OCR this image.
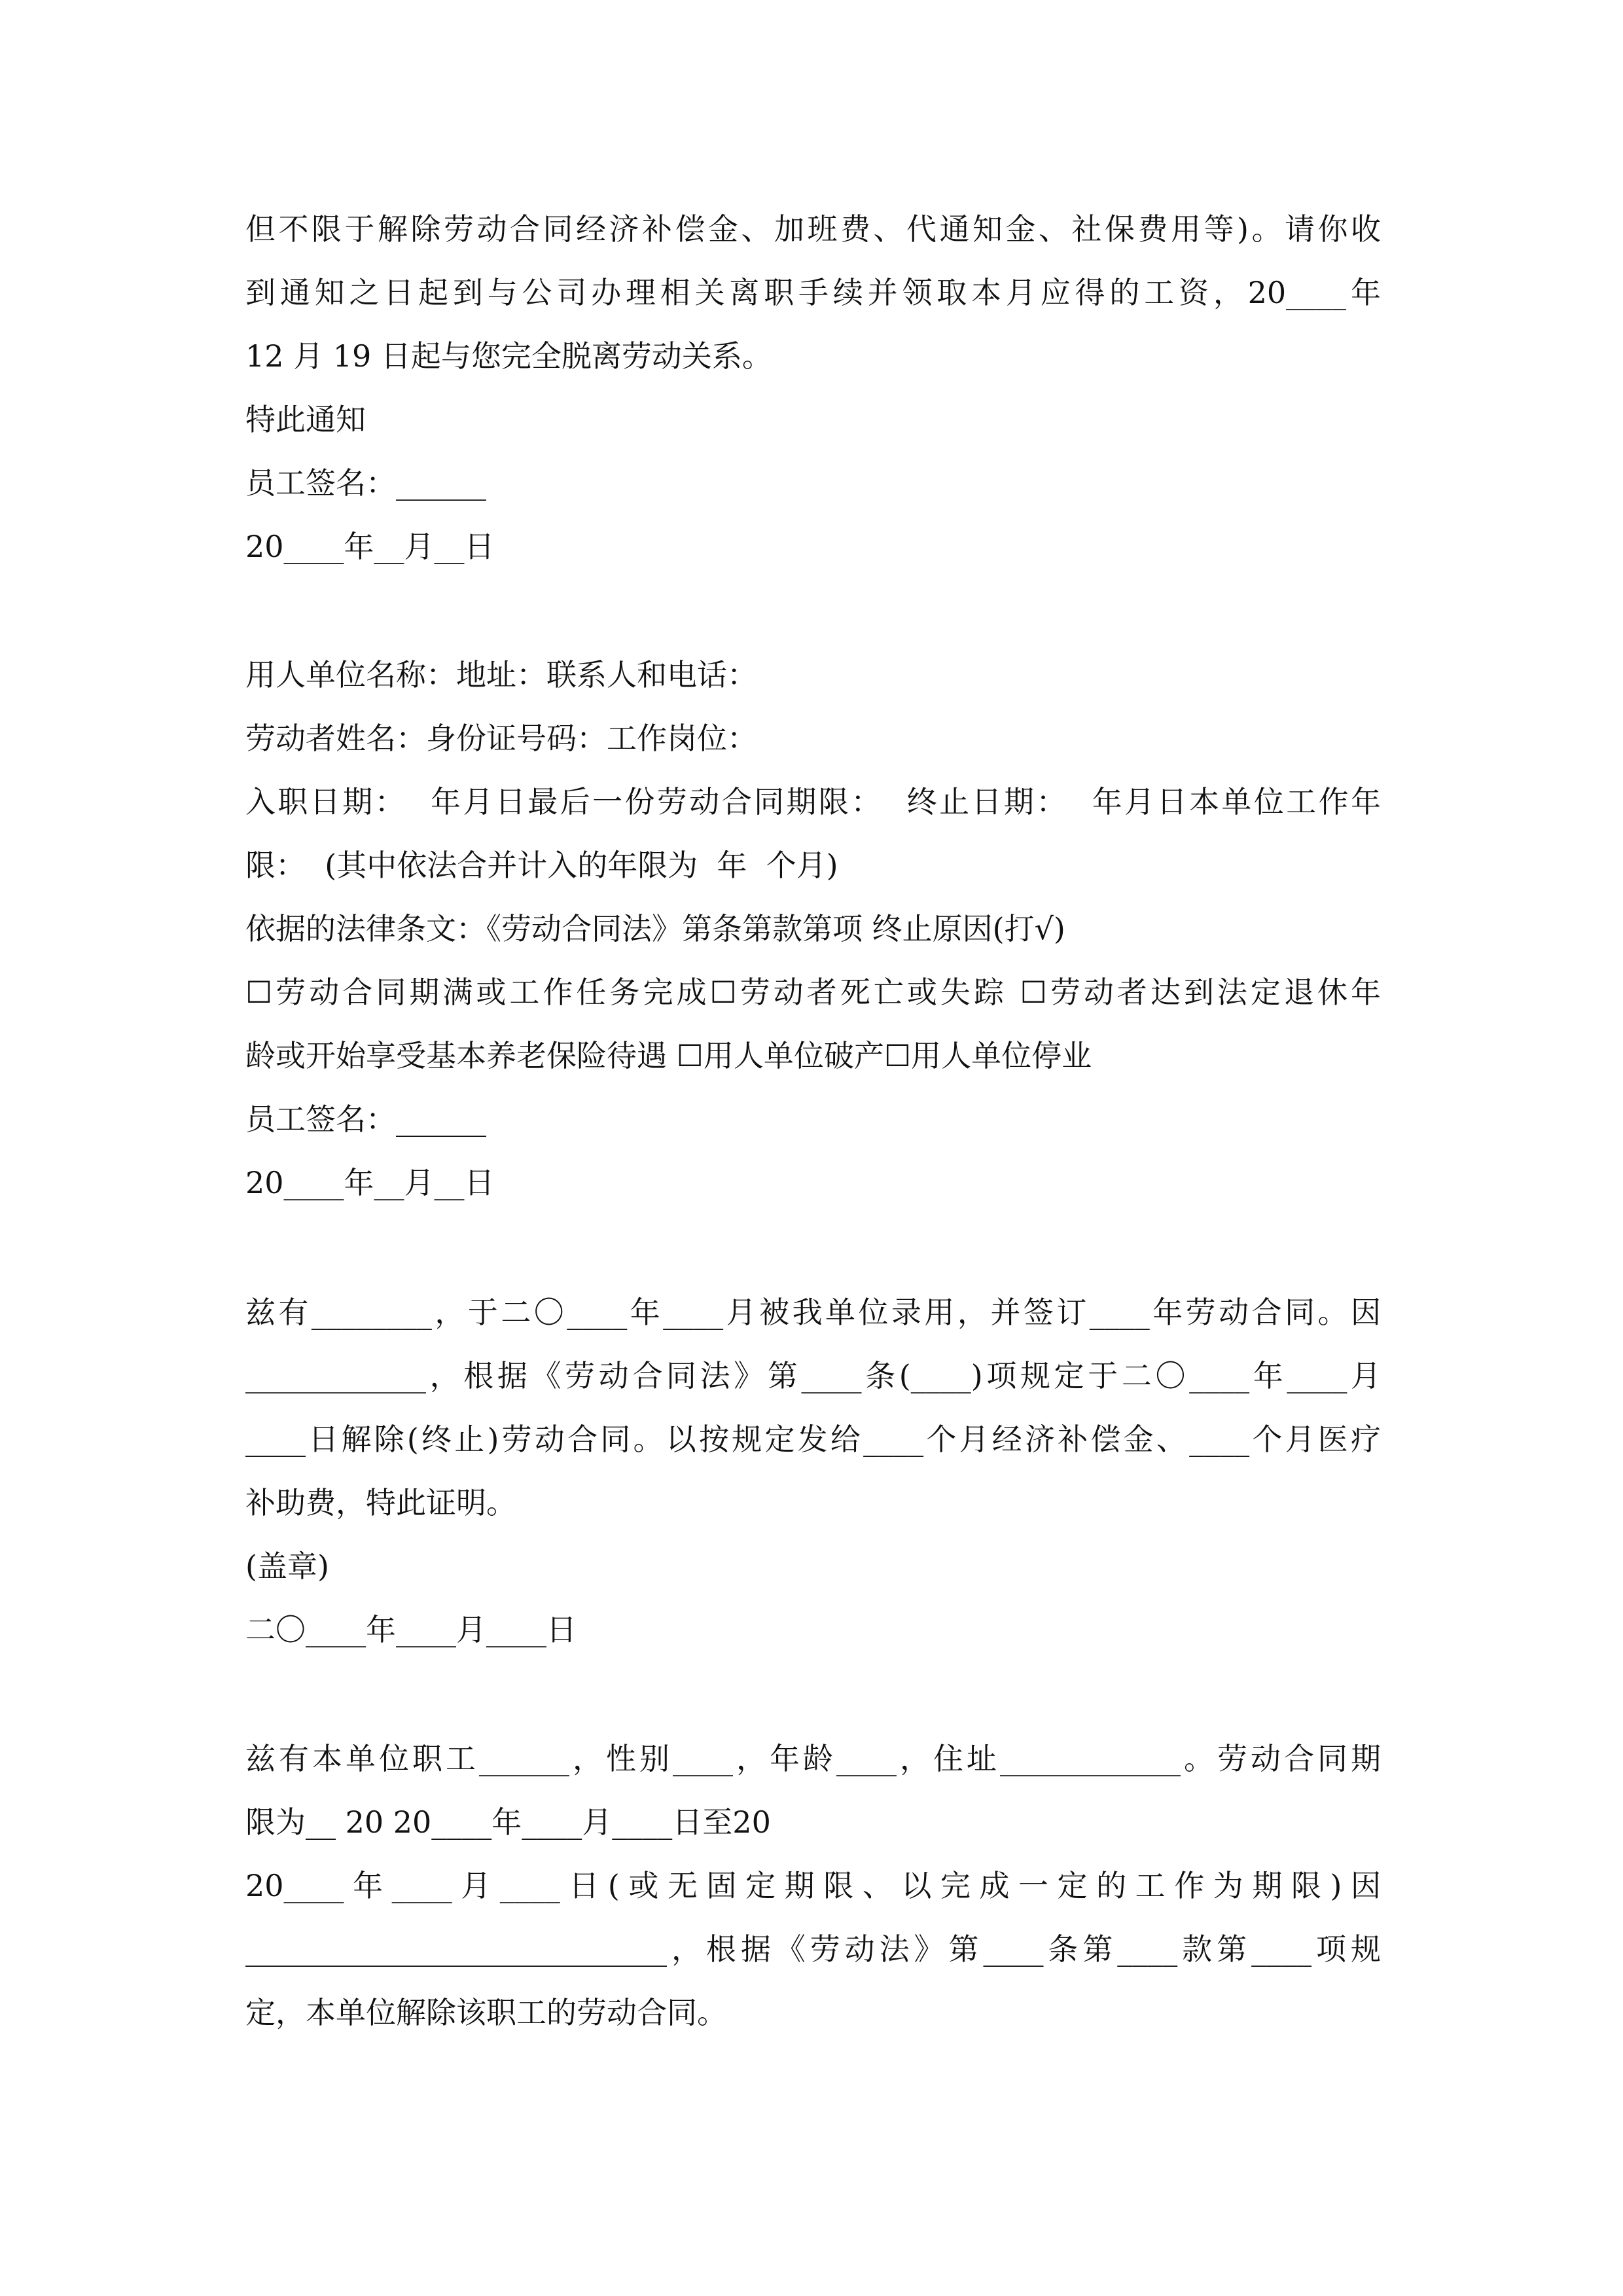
但不限于解除劳动合同经济补偿金、加班费、代通知金、社保费用等)。请你收
到通知之日起到与公司办理相关离职手续并领取本月应得的工资，20____年
12 月 19 日起与您完全脱离劳动关系。
特此通知
员工签名：______
20____年__月__日
用人单位名称：地址：联系人和电话：
劳动者姓名：身份证号码：工作岗位：
入职日期：  年月日最后一份劳动合同期限：  终止日期：  年月日本单位工作年
限：  (其中依法合并计入的年限为  年  个月)
依据的法律条文：《劳动合同法》第条第款第项 终止原因(打√)
☐劳动合同期满或工作任务完成☐劳动者死亡或失踪 ☐劳动者达到法定退休年
龄或开始享受基本养老保险待遇 ☐用人单位破产☐用人单位停业
员工签名：______
20____年__月__日
兹有________，于二〇____年____月被我单位录用，并签订____年劳动合同。因
____________，根据《劳动合同法》第____条(____)项规定于二〇____年____月
____日解除(终止)劳动合同。以按规定发给____个月经济补偿金、____个月医疗
补助费，特此证明。
(盖章)
二〇____年____月____日
兹有本单位职工______，性别____，年龄____，住址____________。劳动合同期
限为__ 20 20____年____月____日至20
20____年____月____日(或无固定期限、以完成一定的工作为期限)因
____________________________，根据《劳动法》第____条第____款第____项规
定，本单位解除该职工的劳动合同。
